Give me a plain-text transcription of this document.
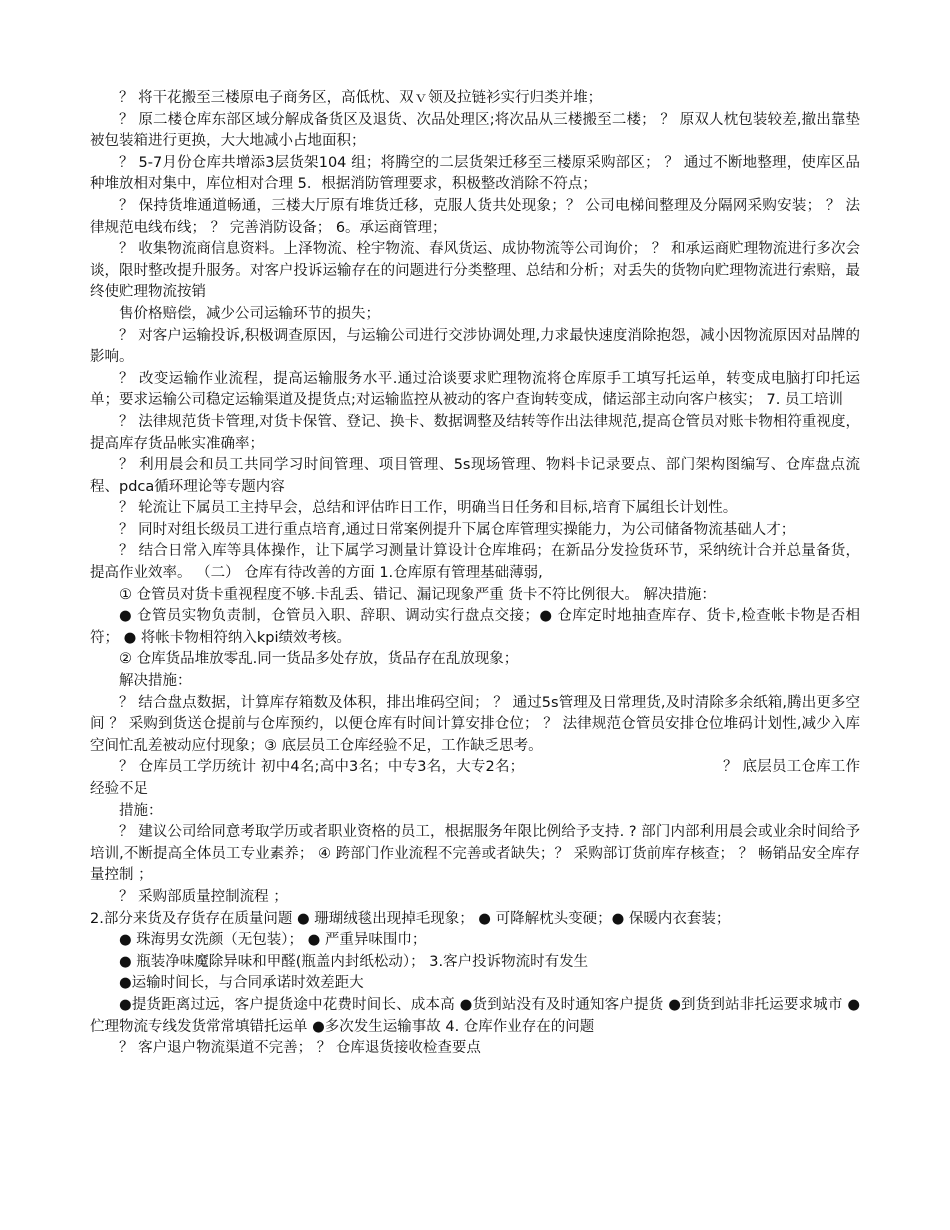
？ 将干花搬至三楼原电子商务区，高低枕、双ｖ领及拉链衫实行归类并堆；

？ 原二楼仓库东部区域分解成备货区及退货、次品处理区;将次品从三楼搬至二楼； ？ 原双人枕包装较差,撤出靠垫被包装箱进行更换，大大地减小占地面积；

？ 5-7月份仓库共增添3层货架104 组；将腾空的二层货架迁移至三楼原采购部区； ？ 通过不断地整理，使库区品种堆放相对集中，库位相对合理 5．根据消防管理要求，积极整改消除不符点；

？ 保持货堆通道畅通，三楼大厅原有堆货迁移，克服人货共处现象；？ 公司电梯间整理及分隔网采购安装； ？ 法律规范电线布线； ？ 完善消防设备； 6。承运商管理；

？ 收集物流商信息资料。上泽物流、栓宇物流、春风货运、成协物流等公司询价； ？ 和承运商贮理物流进行多次会谈，限时整改提升服务。对客户投诉运输存在的问题进行分类整理、总结和分析；对丢失的货物向贮理物流进行索赔，最终使贮理物流按销

售价格赔偿，减少公司运输环节的损失；

？ 对客户运输投诉,积极调查原因，与运输公司进行交涉协调处理,力求最快速度消除抱怨，减小因物流原因对品牌的影响。

？ 改变运输作业流程，提高运输服务水平.通过洽谈要求贮理物流将仓库原手工填写托运单，转变成电脑打印托运单；要求运输公司稳定运输渠道及提货点;对运输监控从被动的客户查询转变成，储运部主动向客户核实； 7. 员工培训

？ 法律规范货卡管理,对货卡保管、登记、换卡、数据调整及结转等作出法律规范,提高仓管员对账卡物相符重视度，提高库存货品帐实准确率；

？ 利用晨会和员工共同学习时间管理、项目管理、5s现场管理、物料卡记录要点、部门架构图编写、仓库盘点流程、pdca循环理论等专题内容

？ 轮流让下属员工主持早会，总结和评估昨日工作，明确当日任务和目标,培育下属组长计划性。

？ 同时对组长级员工进行重点培育,通过日常案例提升下属仓库管理实操能力，为公司储备物流基础人才；

？ 结合日常入库等具体操作，让下属学习测量计算设计仓库堆码；在新品分发捡货环节，采纳统计合并总量备货，提高作业效率。 （二） 仓库有待改善的方面 1.仓库原有管理基础薄弱,

① 仓管员对货卡重视程度不够.卡乱丢、错记、漏记现象严重 货卡不符比例很大。 解决措施：

● 仓管员实物负责制，仓管员入职、辞职、调动实行盘点交接；● 仓库定时地抽查库存、货卡,检查帐卡物是否相符； ● 将帐卡物相符纳入kpi绩效考核。

② 仓库货品堆放零乱.同一货品多处存放，货品存在乱放现象；

解决措施：

？ 结合盘点数据，计算库存箱数及体积，排出堆码空间； ？ 通过5s管理及日常理货,及时清除多余纸箱,腾出更多空间 ？ 采购到货送仓提前与仓库预约，以便仓库有时间计算安排仓位； ？ 法律规范仓管员安排仓位堆码计划性,减少入库空间忙乱差被动应付现象；③ 底层员工仓库经验不足，工作缺乏思考。

？ 仓库员工学历统计 初中4名;高中3名；中专3名，大专2名；　　　　　　　　　　　　　　？ 底层员工仓库工作经验不足

措施：

？ 建议公司给同意考取学历或者职业资格的员工，根据服务年限比例给予支持. ? 部门内部利用晨会或业余时间给予培训,不断提高全体员工专业素养； ④ 跨部门作业流程不完善或者缺失；？ 采购部订货前库存核查； ？ 畅销品安全库存量控制 ；

？ 采购部质量控制流程 ；

2.部分来货及存货存在质量问题 ● 珊瑚绒毯出现掉毛现象； ● 可降解枕头变硬；● 保暖内衣套装；

● 珠海男女洗颜（无包装）； ● 严重异味围巾；

● 瓶装净味魔除异味和甲醛(瓶盖内封纸松动）； 3.客户投诉物流时有发生

●运输时间长，与合同承诺时效差距大

●提货距离过远，客户提货途中花费时间长、成本高 ●货到站没有及时通知客户提货 ●到货到站非托运要求城市 ●伫理物流专线发货常常填错托运单 ●多次发生运输事故 4. 仓库作业存在的问题

？ 客户退户物流渠道不完善； ？ 仓库退货接收检查要点
